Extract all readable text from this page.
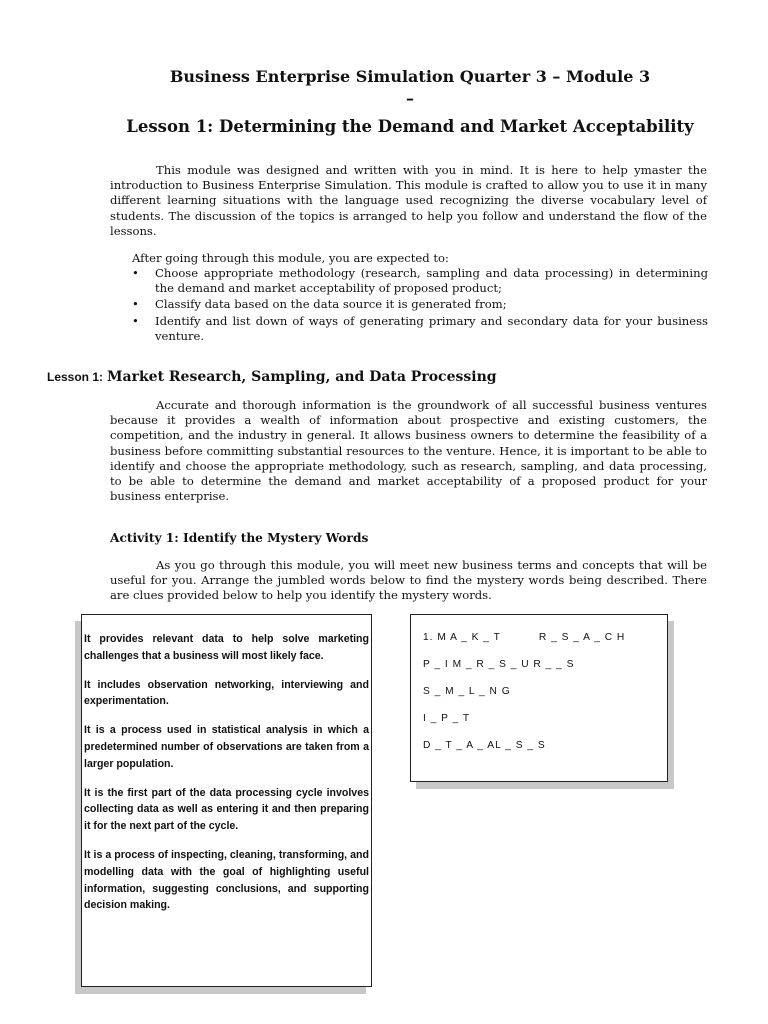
Business Enterprise Simulation Quarter 3 – Module 3
–
Lesson 1: Determining the Demand and Market Acceptability

This module was designed and written with you in mind. It is here to help ymaster the introduction to Business Enterprise Simulation. This module is crafted to allow you to use it in many different learning situations with the language used recognizing the diverse vocabulary level of students. The discussion of the topics is arranged to help you follow and understand the flow of the lessons.

After going through this module, you are expected to:

• Choose appropriate methodology (research, sampling and data processing) in determining the demand and market acceptability of proposed product;
• Classify data based on the data source it is generated from;
• Identify and list down of ways of generating primary and secondary data for your business venture.

Lesson 1: Market Research, Sampling, and Data Processing

Accurate and thorough information is the groundwork of all successful business ventures because it provides a wealth of information about prospective and existing customers, the competition, and the industry in general. It allows business owners to determine the feasibility of a business before committing substantial resources to the venture. Hence, it is important to be able to identify and choose the appropriate methodology, such as research, sampling, and data processing, to be able to determine the demand and market acceptability of a proposed product for your business enterprise.

Activity 1: Identify the Mystery Words

As you go through this module, you will meet new business terms and concepts that will be useful for you. Arrange the jumbled words below to find the mystery words being described. There are clues provided below to help you identify the mystery words.

It provides relevant data to help solve marketing challenges that a business will most likely face.

It includes observation networking, interviewing and experimentation.

It is a process used in statistical analysis in which a predetermined number of observations are taken from a larger population.

It is the first part of the data processing cycle involves collecting data as well as entering it and then preparing it for the next part of the cycle.

It is a process of inspecting, cleaning, transforming, and modelling data with the goal of highlighting useful information, suggesting conclusions, and supporting decision making.

1. M A _ K _ T          R _ S _ A _ C H

P _ I M _ R _ S _ U R _ _ S

S _ M _ L _ N G

I _ P _ T

D _ T _ A _ AL _ S _ S
